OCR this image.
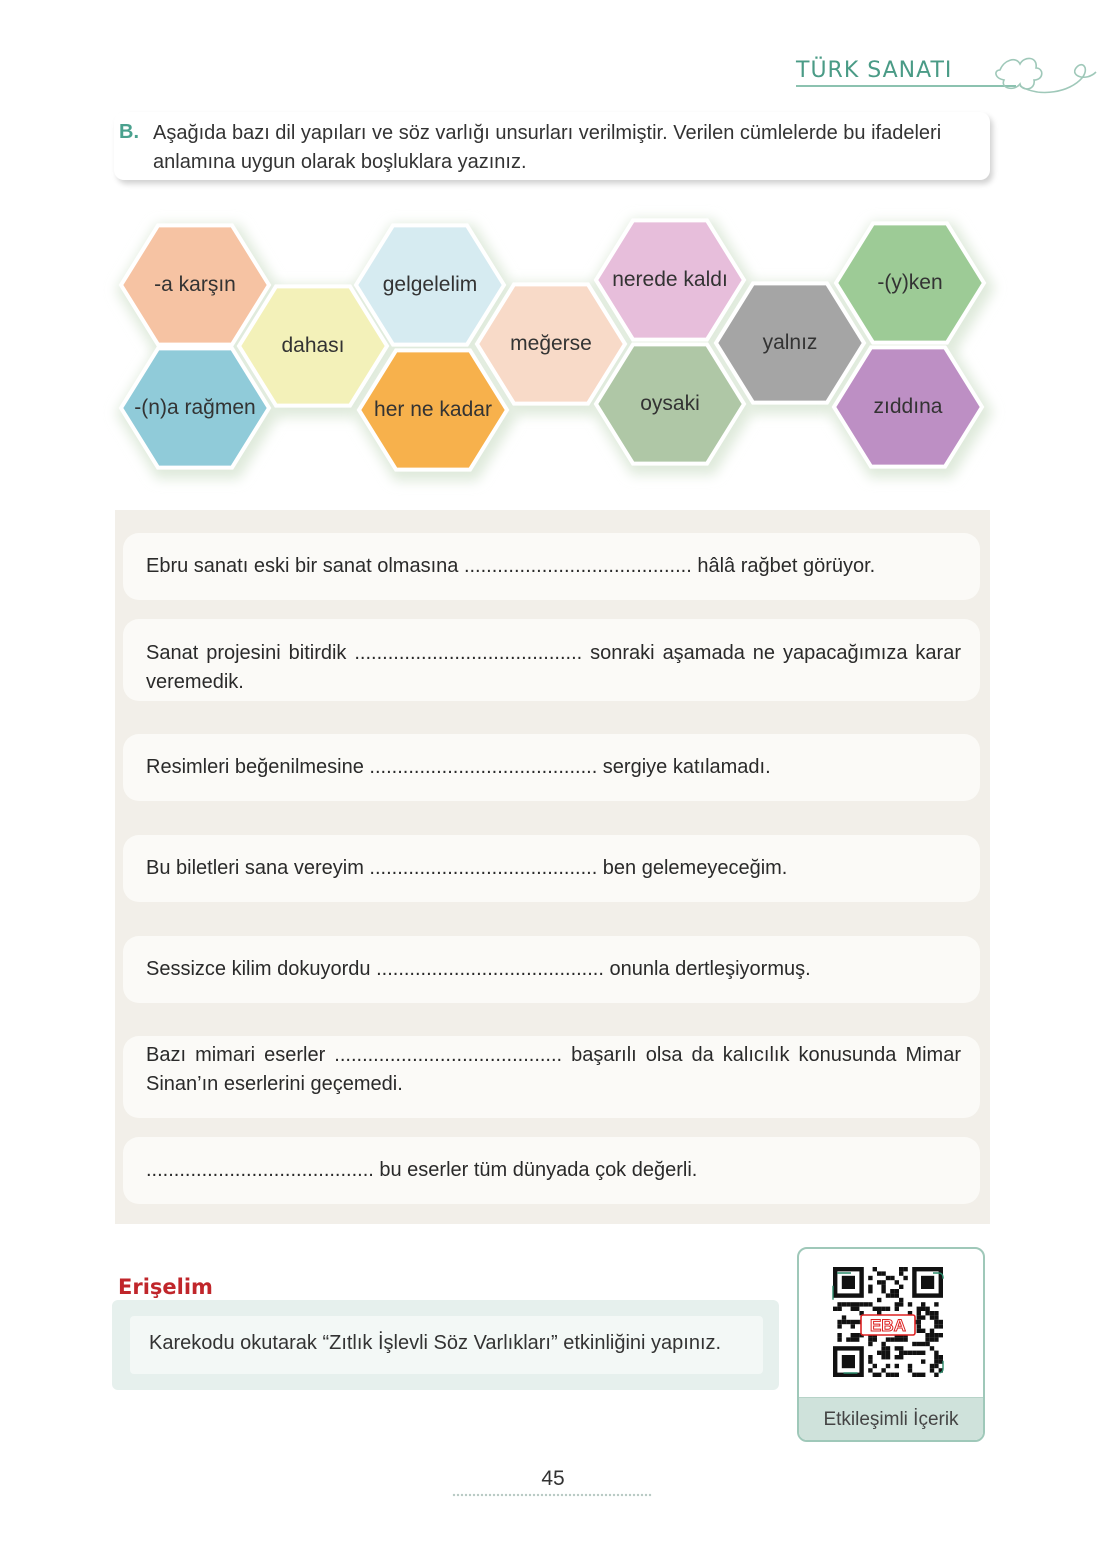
TÜRK SANATI
B. Aşağıda bazı dil yapıları ve söz varlığı unsurları verilmiştir. Verilen cümlelerde bu ifadeleri anlamına uygun olarak boşluklara yazınız.
-a karşın
-(n)a rağmen
dahası
gelgelelim
her ne kadar
meğerse
nerede kaldı
oysaki
yalnız
-(y)ken
zıddına
Ebru sanatı eski bir sanat olmasına ......................................... hâlâ rağbet görüyor.
Sanat projesini bitirdik ......................................... sonraki aşamada ne yapacağımıza karar veremedik.
Resimleri beğenilmesine ......................................... sergiye katılamadı.
Bu biletleri sana vereyim ......................................... ben gelemeyeceğim.
Sessizce kilim dokuyordu ......................................... onunla dertleşiyormuş.
Bazı mimari eserler ......................................... başarılı olsa da kalıcılık konusunda Mimar Sinan’ın eserlerini geçemedi.
......................................... bu eserler tüm dünyada çok değerli.
Erişelim
Karekodu okutarak “Zıtlık İşlevli Söz Varlıkları” etkinliğini yapınız.
EBA
Etkileşimli İçerik
45
